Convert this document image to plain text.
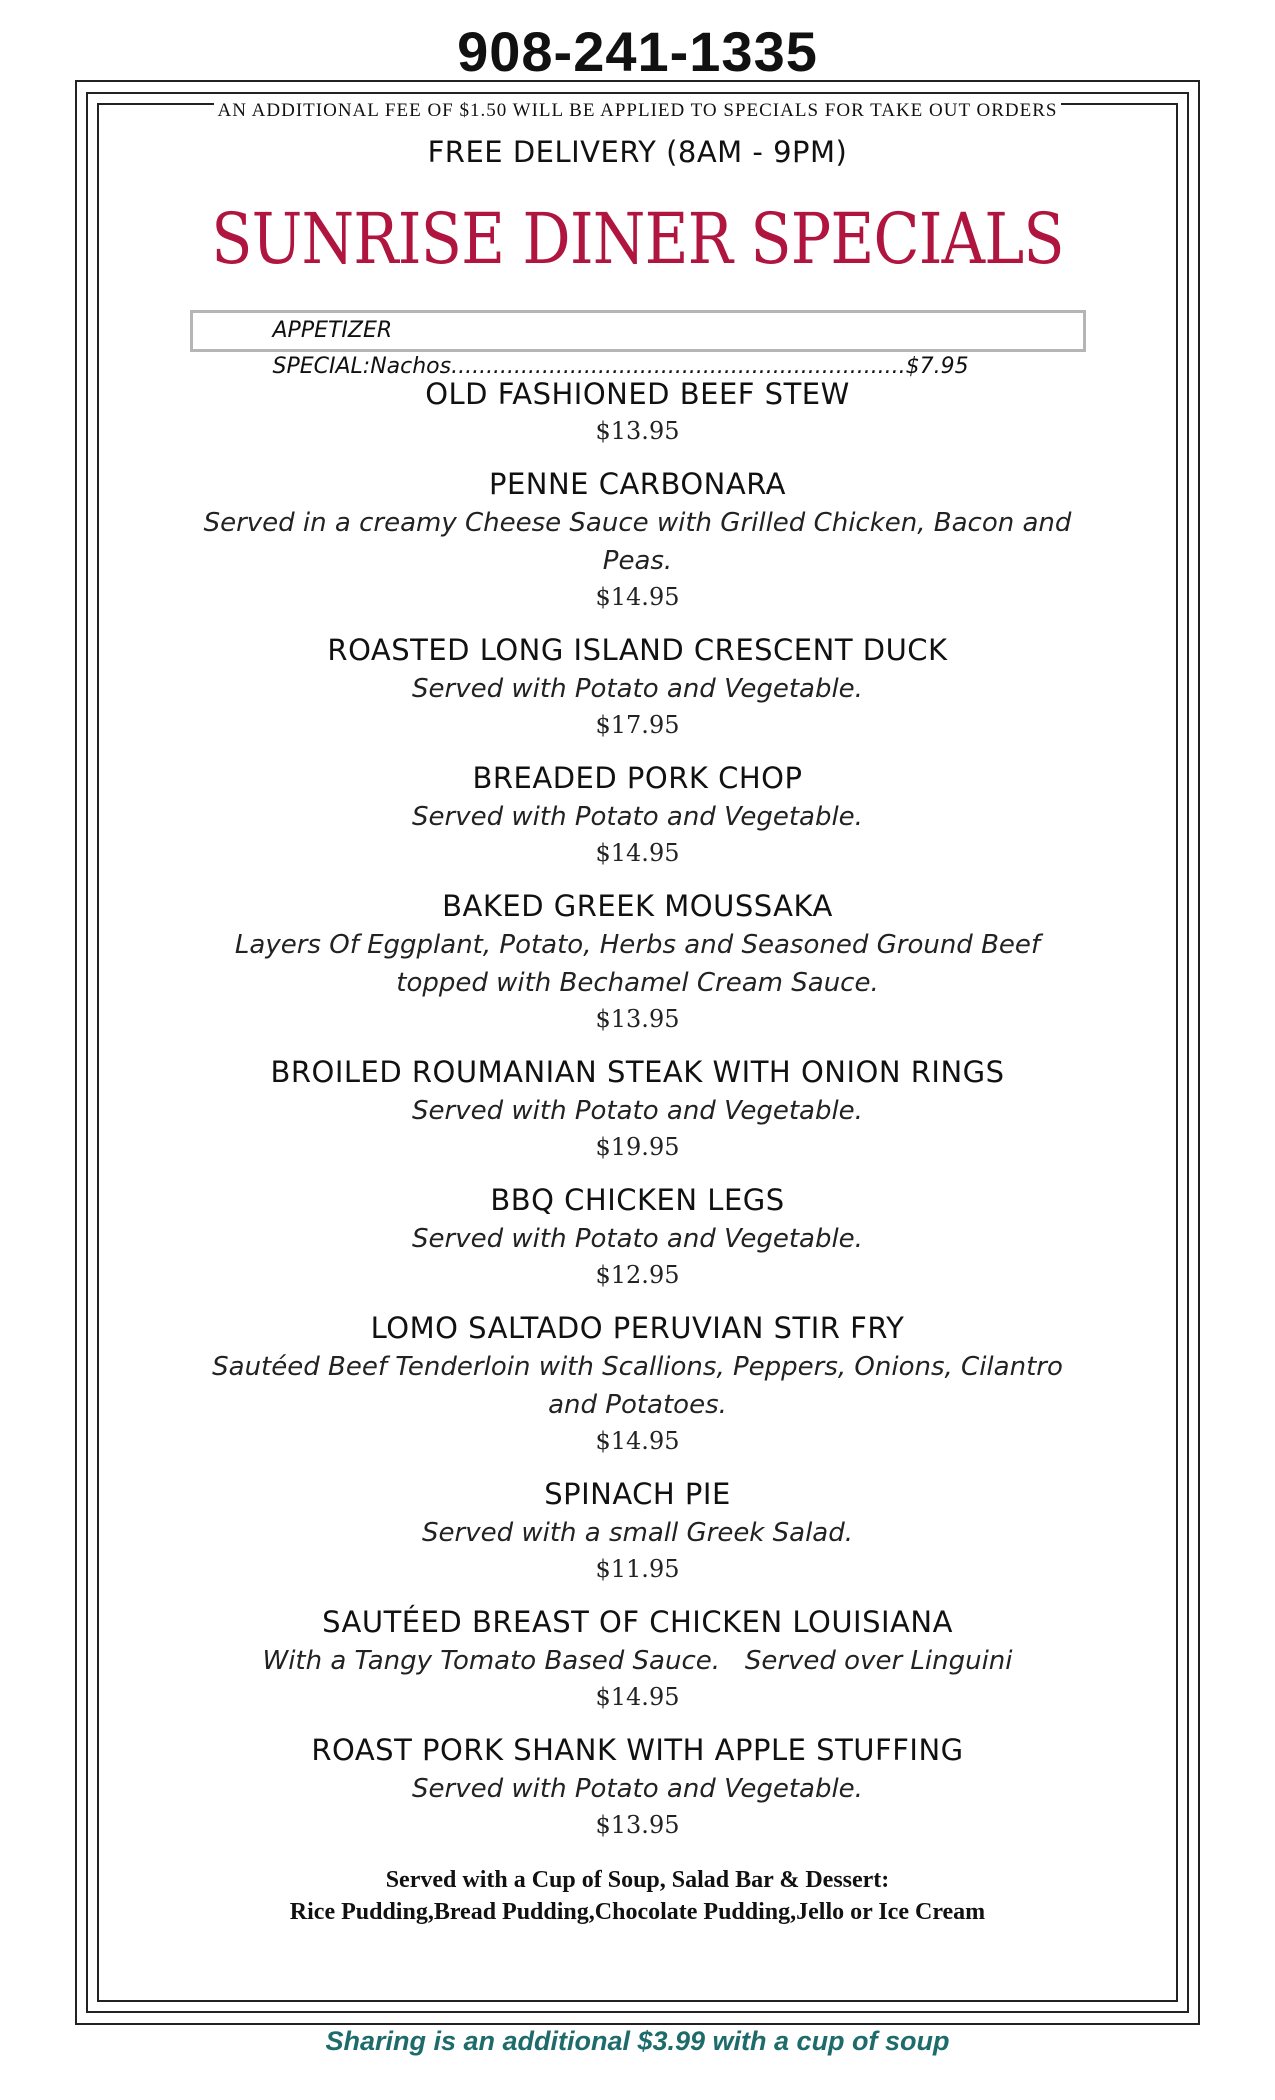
908-241-1335
AN ADDITIONAL FEE OF $1.50 WILL BE APPLIED TO SPECIALS FOR TAKE OUT ORDERS
FREE DELIVERY (8AM - 9PM)
SUNRISE DINER SPECIALS
APPETIZER SPECIAL:Nachos.................................................................$7.95
OLD FASHIONED BEEF STEW
$13.95
PENNE CARBONARA
Served in a creamy Cheese Sauce with Grilled Chicken, Bacon and Peas.
$14.95
ROASTED LONG ISLAND CRESCENT DUCK
Served with Potato and Vegetable.
$17.95
BREADED PORK CHOP
Served with Potato and Vegetable.
$14.95
BAKED GREEK MOUSSAKA
Layers Of Eggplant, Potato, Herbs and Seasoned Ground Beef topped with Bechamel Cream Sauce.
$13.95
BROILED ROUMANIAN STEAK WITH ONION RINGS
Served with Potato and Vegetable.
$19.95
BBQ CHICKEN LEGS
Served with Potato and Vegetable.
$12.95
LOMO SALTADO PERUVIAN STIR FRY
Sautéed Beef Tenderloin with Scallions, Peppers, Onions, Cilantro and Potatoes.
$14.95
SPINACH PIE
Served with a small Greek Salad.
$11.95
SAUTÉED BREAST OF CHICKEN LOUISIANA
With a Tangy Tomato Based Sauce.   Served over Linguini
$14.95
ROAST PORK SHANK WITH APPLE STUFFING
Served with Potato and Vegetable.
$13.95
Served with a Cup of Soup, Salad Bar & Dessert:
Rice Pudding,Bread Pudding,Chocolate Pudding,Jello or Ice Cream
Sharing is an additional $3.99 with a cup of soup
